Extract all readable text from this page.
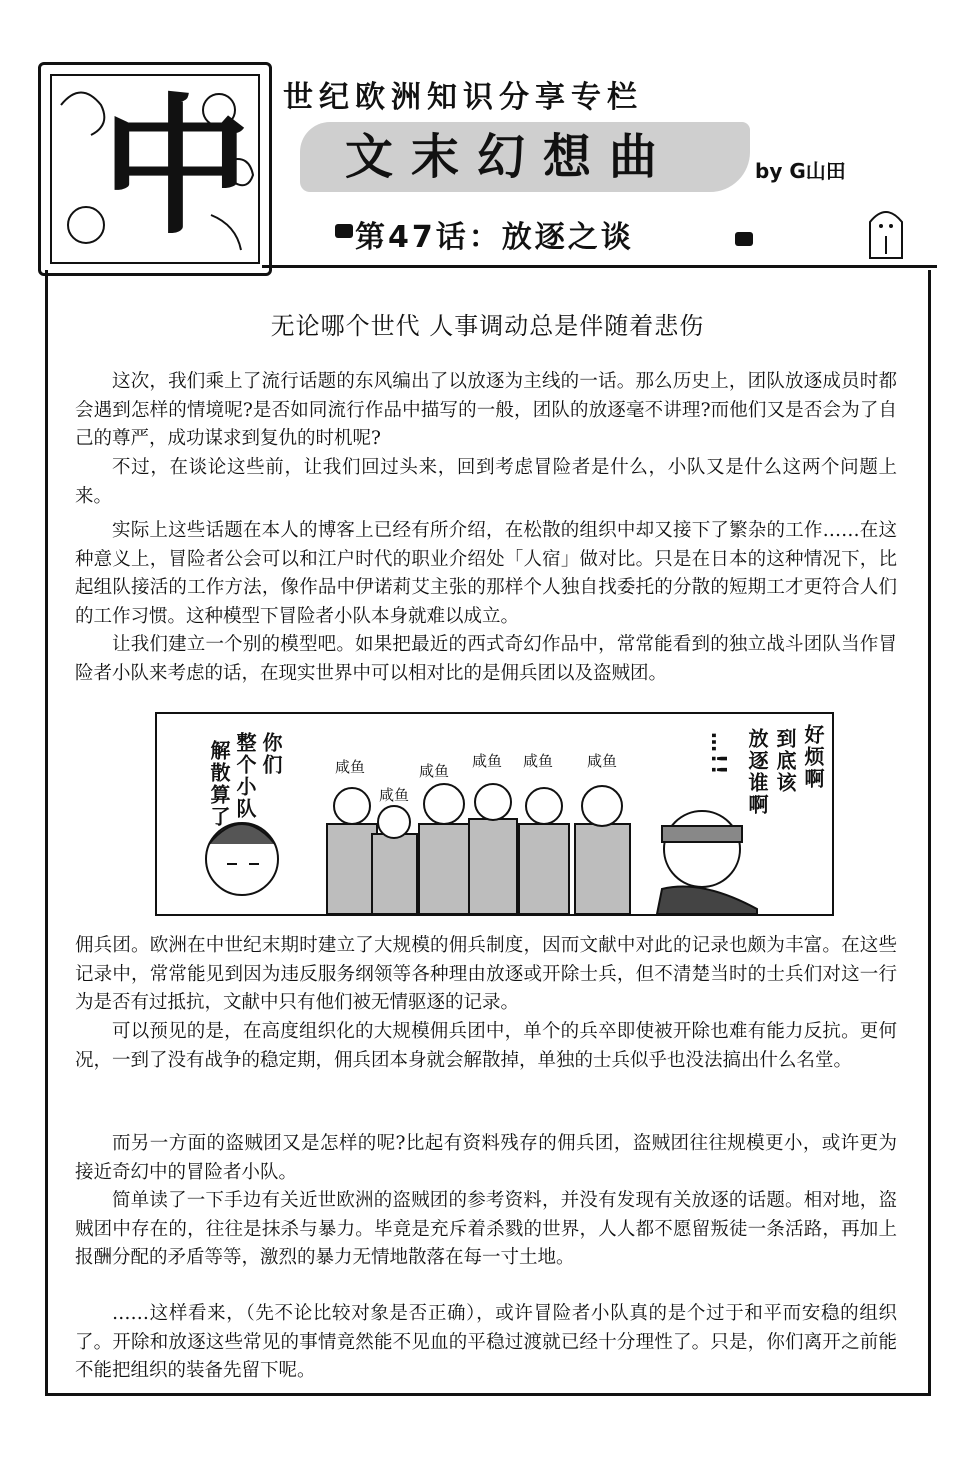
中 世纪欧洲知识分享专栏
文末幻想曲	by G山田
第47话：放逐之谈
无论哪个世代 人事调动总是伴随着悲伤

这次，我们乘上了流行话题的东风编出了以放逐为主线的一话。那么历史上，团队放逐成员时都会遇到怎样的情境呢?是否如同流行作品中描写的一般，团队的放逐毫不讲理?而他们又是否会为了自己的尊严，成功谋求到复仇的时机呢?

不过，在谈论这些前，让我们回过头来，回到考虑冒险者是什么，小队又是什么这两个问题上来。

实际上这些话题在本人的博客上已经有所介绍，在松散的组织中却又接下了繁杂的工作……在这种意义上，冒险者公会可以和江户时代的职业介绍处「人宿」做对比。只是在日本的这种情况下，比起组队接活的工作方法，像作品中伊诺莉艾主张的那样个人独自找委托的分散的短期工才更符合人们的工作习惯。这种模型下冒险者小队本身就难以成立。

让我们建立一个别的模型吧。如果把最近的西式奇幻作品中，常常能看到的独立战斗团队当作冒险者小队来考虑的话，在现实世界中可以相对比的是佣兵团以及盗贼团。

你们
整个小队
解散算了	咸鱼
咸鱼
咸鱼
咸鱼 咸鱼 咸鱼	好烦啊
到底该
放逐谁啊
…!!

佣兵团。欧洲在中世纪末期时建立了大规模的佣兵制度，因而文献中对此的记录也颇为丰富。在这些记录中，常常能见到因为违反服务纲领等各种理由放逐或开除士兵，但不清楚当时的士兵们对这一行为是否有过抵抗，文献中只有他们被无情驱逐的记录。

可以预见的是，在高度组织化的大规模佣兵团中，单个的兵卒即使被开除也难有能力反抗。更何况，一到了没有战争的稳定期，佣兵团本身就会解散掉，单独的士兵似乎也没法搞出什么名堂。

而另一方面的盗贼团又是怎样的呢?比起有资料残存的佣兵团，盗贼团往往规模更小，或许更为接近奇幻中的冒险者小队。

简单读了一下手边有关近世欧洲的盗贼团的参考资料，并没有发现有关放逐的话题。相对地，盗贼团中存在的，往往是抹杀与暴力。毕竟是充斥着杀戮的世界，人人都不愿留叛徒一条活路，再加上报酬分配的矛盾等等，激烈的暴力无情地散落在每一寸土地。

……这样看来，（先不论比较对象是否正确），或许冒险者小队真的是个过于和平而安稳的组织了。开除和放逐这些常见的事情竟然能不见血的平稳过渡就已经十分理性了。只是，你们离开之前能不能把组织的装备先留下呢。
